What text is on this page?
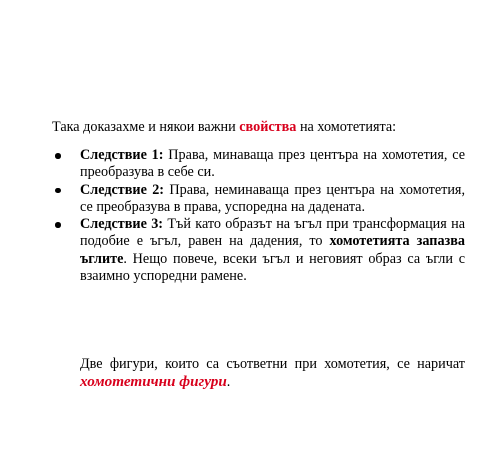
Така доказахме и някои важни свойства на хомотетията:

Следствие 1: Права, минаваща през центъра на хомотетия, се преобразува в себе си.
Следствие 2: Права, неминаваща през центъра на хомотетия, се преобразува в права, успоредна на дадената.
Следствие 3: Тъй като образът на ъгъл при трансформация на подобие е ъгъл, равен на дадения, то хомотетията запазва ъглите. Нещо повече, всеки ъгъл и неговият образ са ъгли с взаимно успоредни рамене.

Две фигури, които са съответни при хомотетия, се наричат хомотетични фигури.
